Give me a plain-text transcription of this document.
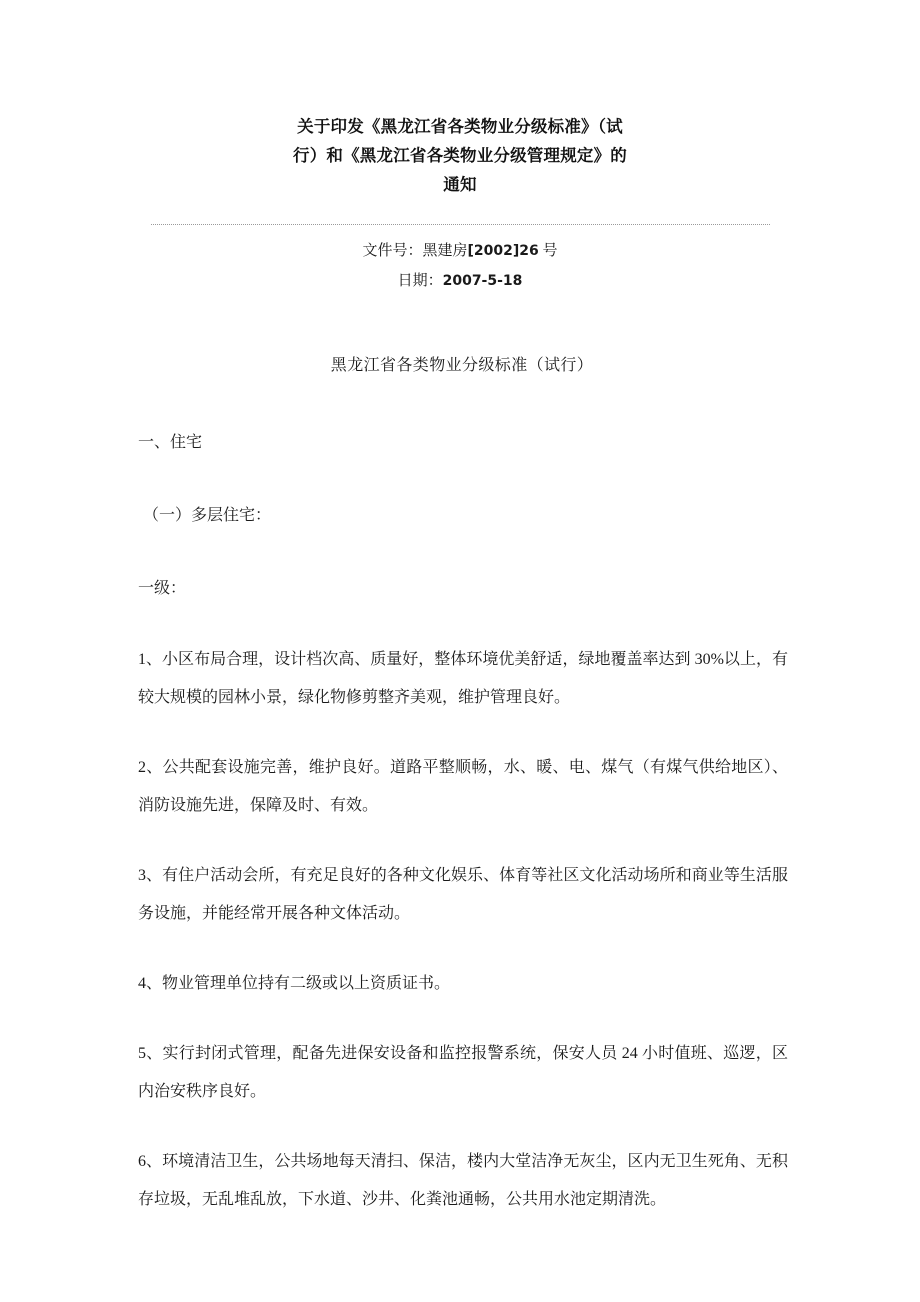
关于印发《黑龙江省各类物业分级标准》（试
行）和《黑龙江省各类物业分级管理规定》的
通知
文件号：黑建房[2002]26 号
日期：2007-5-18
黑龙江省各类物业分级标准（试行）

一、住宅

（一）多层住宅：

一级：

1、小区布局合理，设计档次高、质量好，整体环境优美舒适，绿地覆盖率达到 30%以上，有较大规模的园林小景，绿化物修剪整齐美观，维护管理良好。

2、公共配套设施完善，维护良好。道路平整顺畅，水、暖、电、煤气（有煤气供给地区）、消防设施先进，保障及时、有效。

3、有住户活动会所，有充足良好的各种文化娱乐、体育等社区文化活动场所和商业等生活服务设施，并能经常开展各种文体活动。

4、物业管理单位持有二级或以上资质证书。

5、实行封闭式管理，配备先进保安设备和监控报警系统，保安人员 24 小时值班、巡逻，区内治安秩序良好。

6、环境清洁卫生，公共场地每天清扫、保洁，楼内大堂洁净无灰尘，区内无卫生死角、无积存垃圾，无乱堆乱放，下水道、沙井、化粪池通畅，公共用水池定期清洗。
